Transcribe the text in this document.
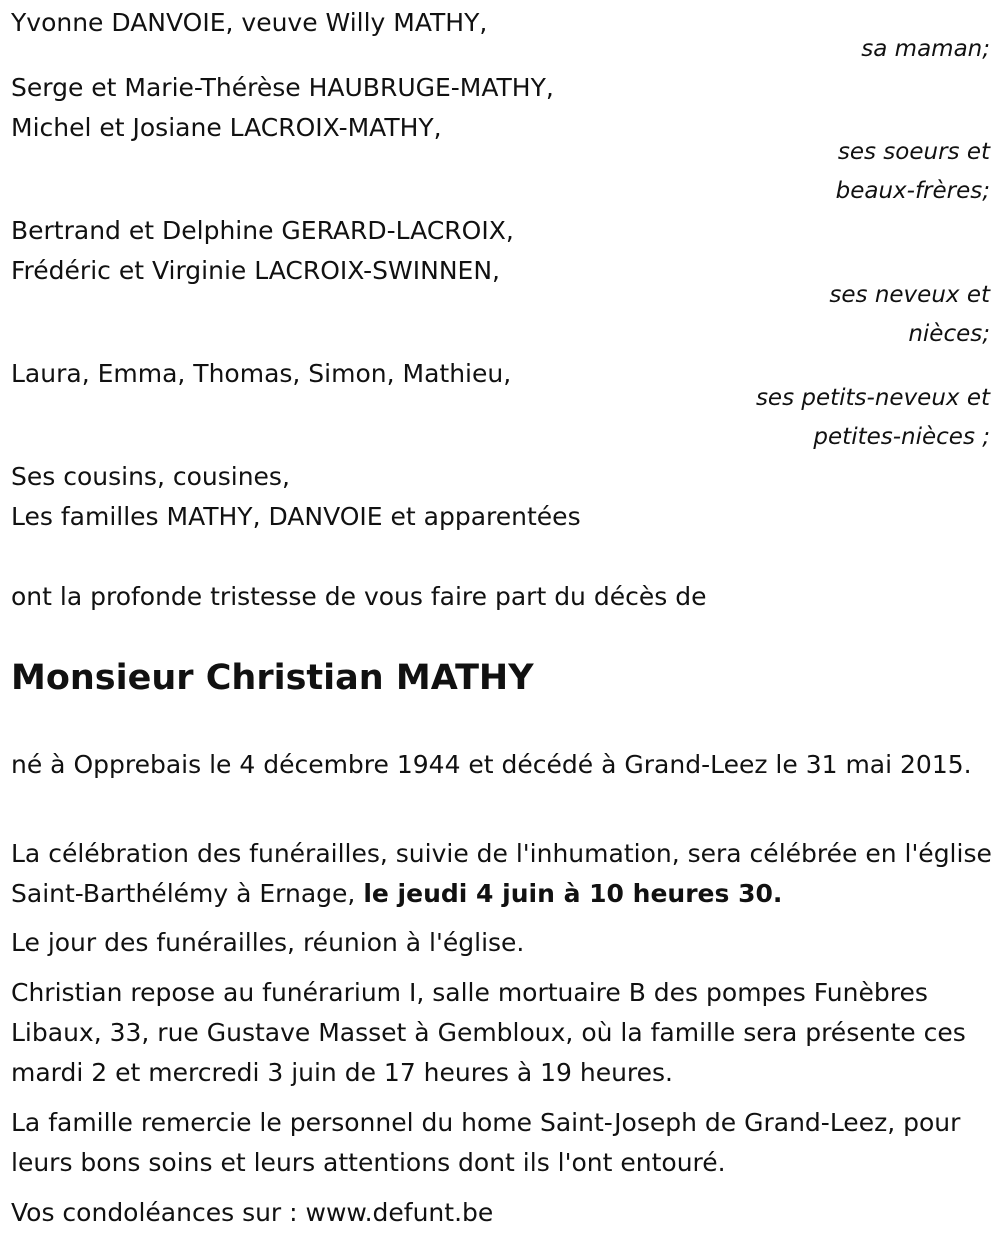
Yvonne DANVOIE, veuve Willy MATHY,

sa maman;

Serge et Marie-Thérèse HAUBRUGE-MATHY,

Michel et Josiane LACROIX-MATHY,

ses soeurs et

beaux-frères;

Bertrand et Delphine GERARD-LACROIX,

Frédéric et Virginie LACROIX-SWINNEN,

ses neveux et

nièces;

Laura, Emma, Thomas, Simon, Mathieu,

ses petits-neveux et

petites-nièces ;

Ses cousins, cousines,

Les familles MATHY, DANVOIE et apparentées

ont la profonde tristesse de vous faire part du décès de

Monsieur Christian MATHY

né à Opprebais le 4 décembre 1944 et décédé à Grand-Leez le 31 mai 2015.

La célébration des funérailles, suivie de l'inhumation, sera célébrée en l'église Saint-Barthélémy à Ernage, le jeudi 4 juin à 10 heures 30.

Le jour des funérailles, réunion à l'église.

Christian repose au funérarium I, salle mortuaire B des pompes Funèbres Libaux, 33, rue Gustave Masset à Gembloux, où la famille sera présente ces mardi 2 et mercredi 3 juin de 17 heures à 19 heures.

La famille remercie le personnel du home Saint-Joseph de Grand-Leez, pour leurs bons soins et leurs attentions dont ils l'ont entouré.

Vos condoléances sur : www.defunt.be
